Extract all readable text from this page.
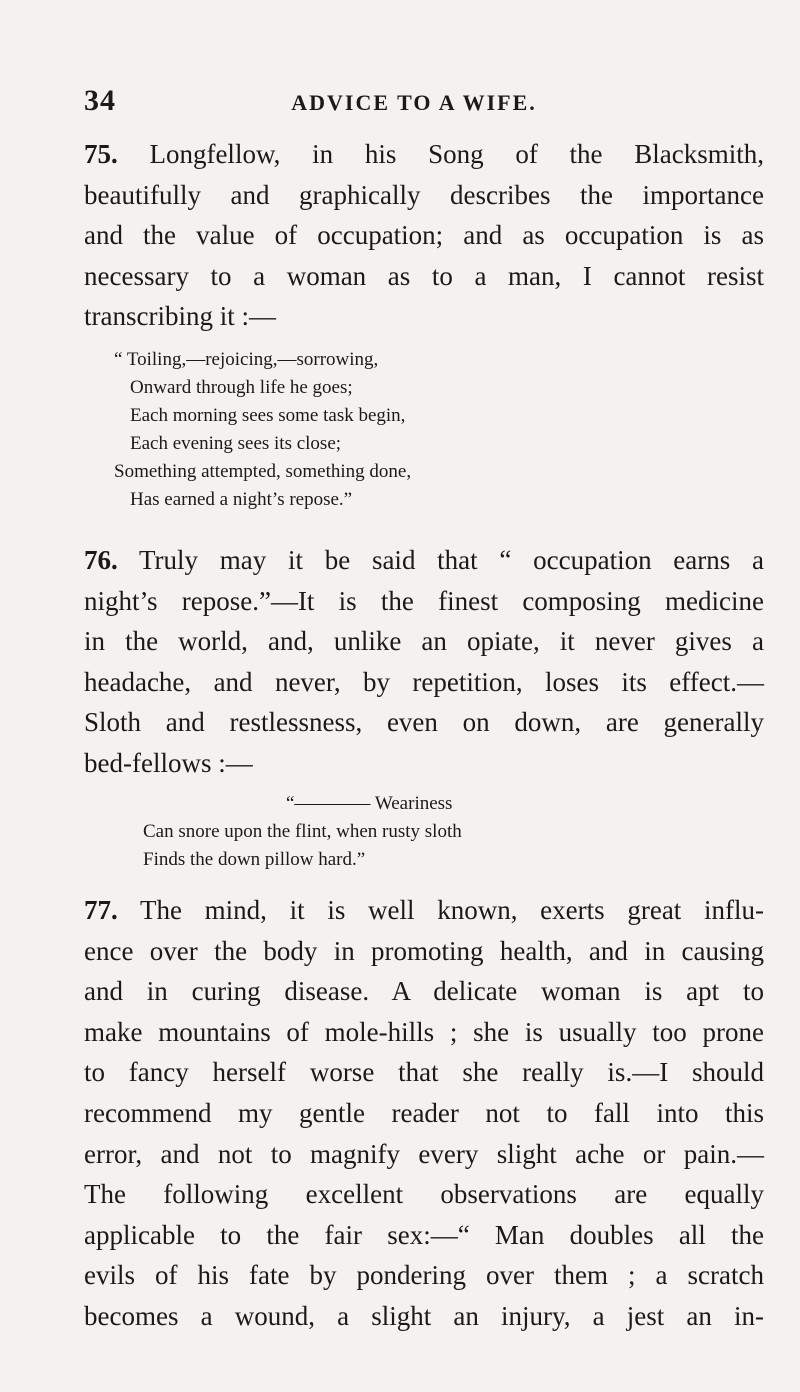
34	ADVICE TO A WIFE.
75. Longfellow, in his Song of the Blacksmith,
beautifully and graphically describes the importance
and the value of occupation; and as occupation is as
necessary to a woman as to a man, I cannot resist
transcribing it :—
“ Toiling,—rejoicing,—sorrowing,
Onward through life he goes;
Each morning sees some task begin,
Each evening sees its close;
Something attempted, something done,
Has earned a night’s repose.”
76. Truly may it be said that “ occupation earns a
night’s repose.”—It is the finest composing medicine
in the world, and, unlike an opiate, it never gives a
headache, and never, by repetition, loses its effect.—
Sloth and restlessness, even on down, are generally
bed-fellows :—
“———— Weariness
Can snore upon the flint, when rusty sloth
Finds the down pillow hard.”
77. The mind, it is well known, exerts great influ-
ence over the body in promoting health, and in causing
and in curing disease. A delicate woman is apt to
make mountains of mole-hills ; she is usually too prone
to fancy herself worse that she really is.—I should
recommend my gentle reader not to fall into this
error, and not to magnify every slight ache or pain.—
The following excellent observations are equally
applicable to the fair sex:—“ Man doubles all the
evils of his fate by pondering over them ; a scratch
becomes a wound, a slight an injury, a jest an in-
